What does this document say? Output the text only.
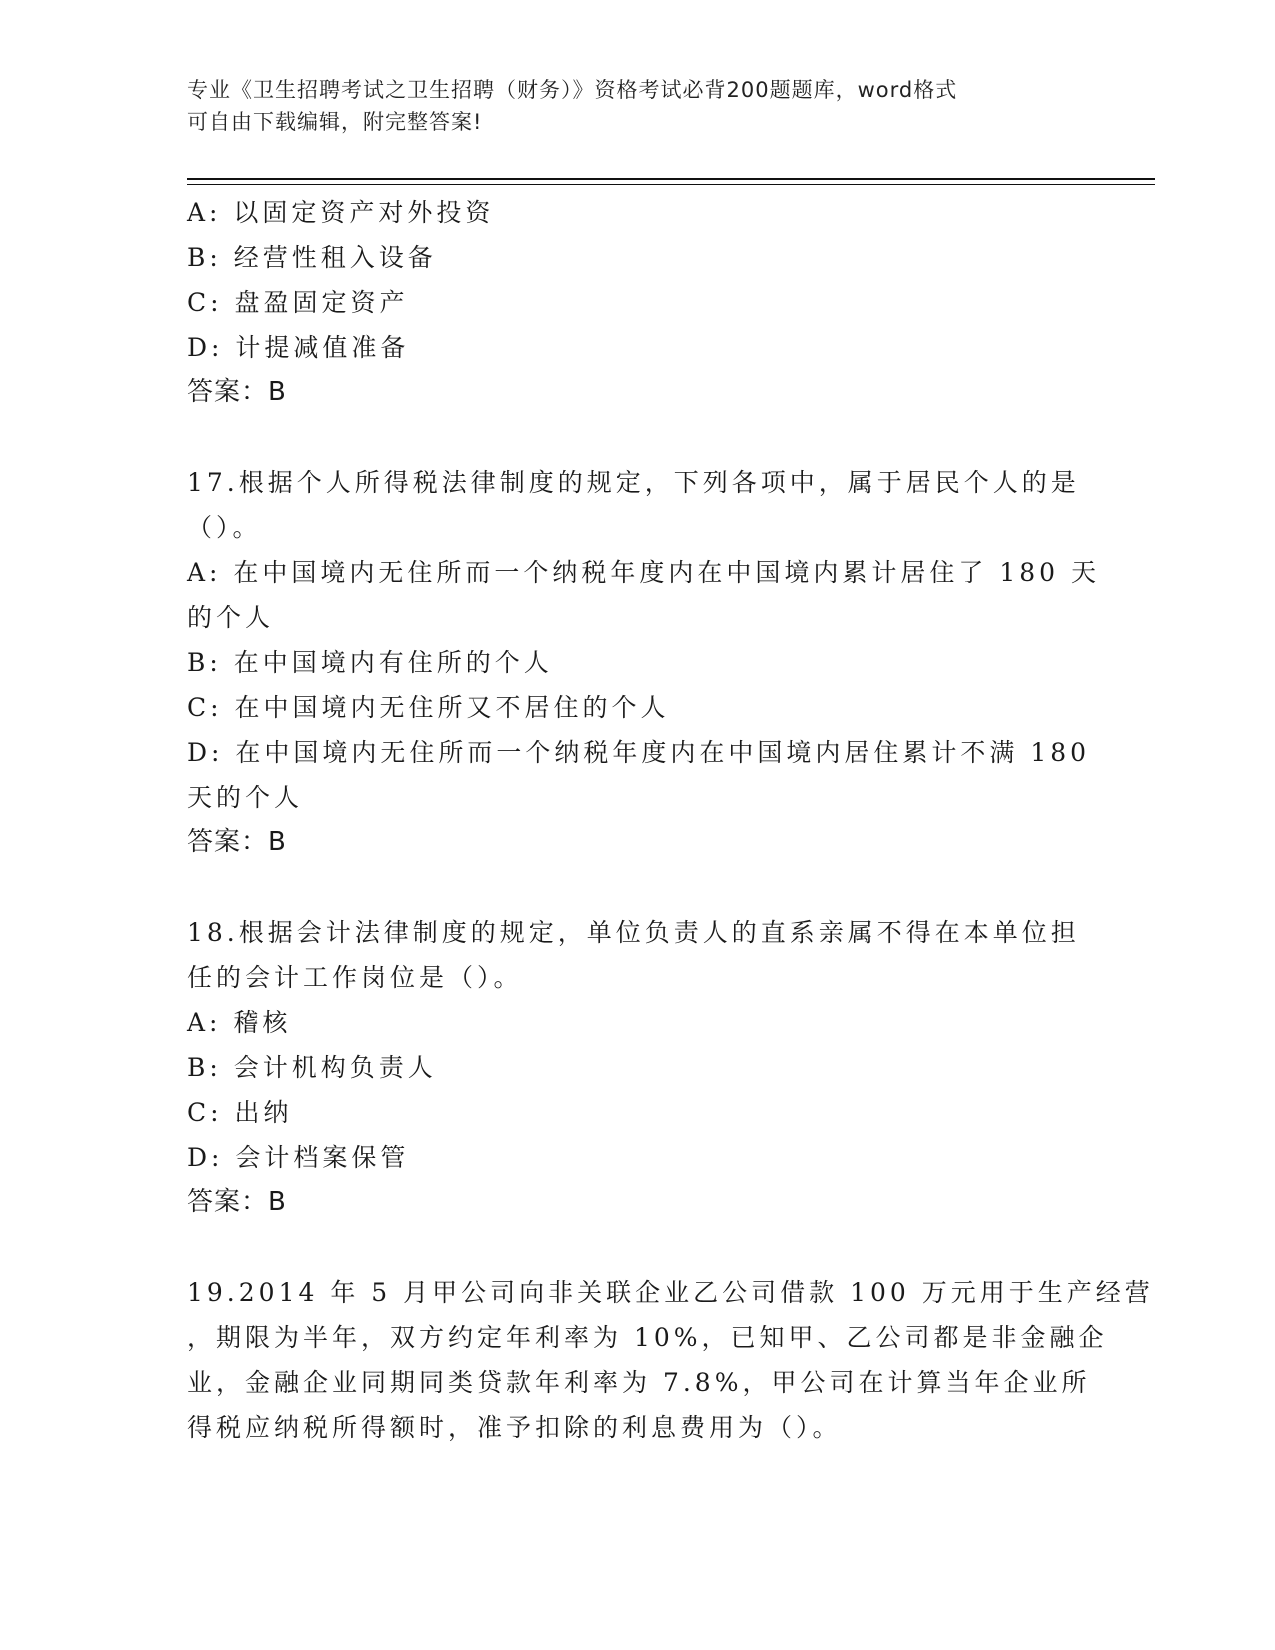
专业《卫生招聘考试之卫生招聘（财务）》资格考试必背200题题库，word格式
可自由下载编辑，附完整答案!
A: 以固定资产对外投资
B: 经营性租入设备
C: 盘盈固定资产
D: 计提减值准备
答案：B
17.根据个人所得税法律制度的规定，下列各项中，属于居民个人的是
（）。
A: 在中国境内无住所而一个纳税年度内在中国境内累计居住了 180 天
的个人
B: 在中国境内有住所的个人
C: 在中国境内无住所又不居住的个人
D: 在中国境内无住所而一个纳税年度内在中国境内居住累计不满 180
天的个人
答案：B
18.根据会计法律制度的规定，单位负责人的直系亲属不得在本单位担
任的会计工作岗位是（）。
A: 稽核
B: 会计机构负责人
C: 出纳
D: 会计档案保管
答案：B
19.2014 年 5 月甲公司向非关联企业乙公司借款 100 万元用于生产经营
，期限为半年，双方约定年利率为 10%，已知甲、乙公司都是非金融企
业，金融企业同期同类贷款年利率为 7.8%，甲公司在计算当年企业所
得税应纳税所得额时，准予扣除的利息费用为（）。
